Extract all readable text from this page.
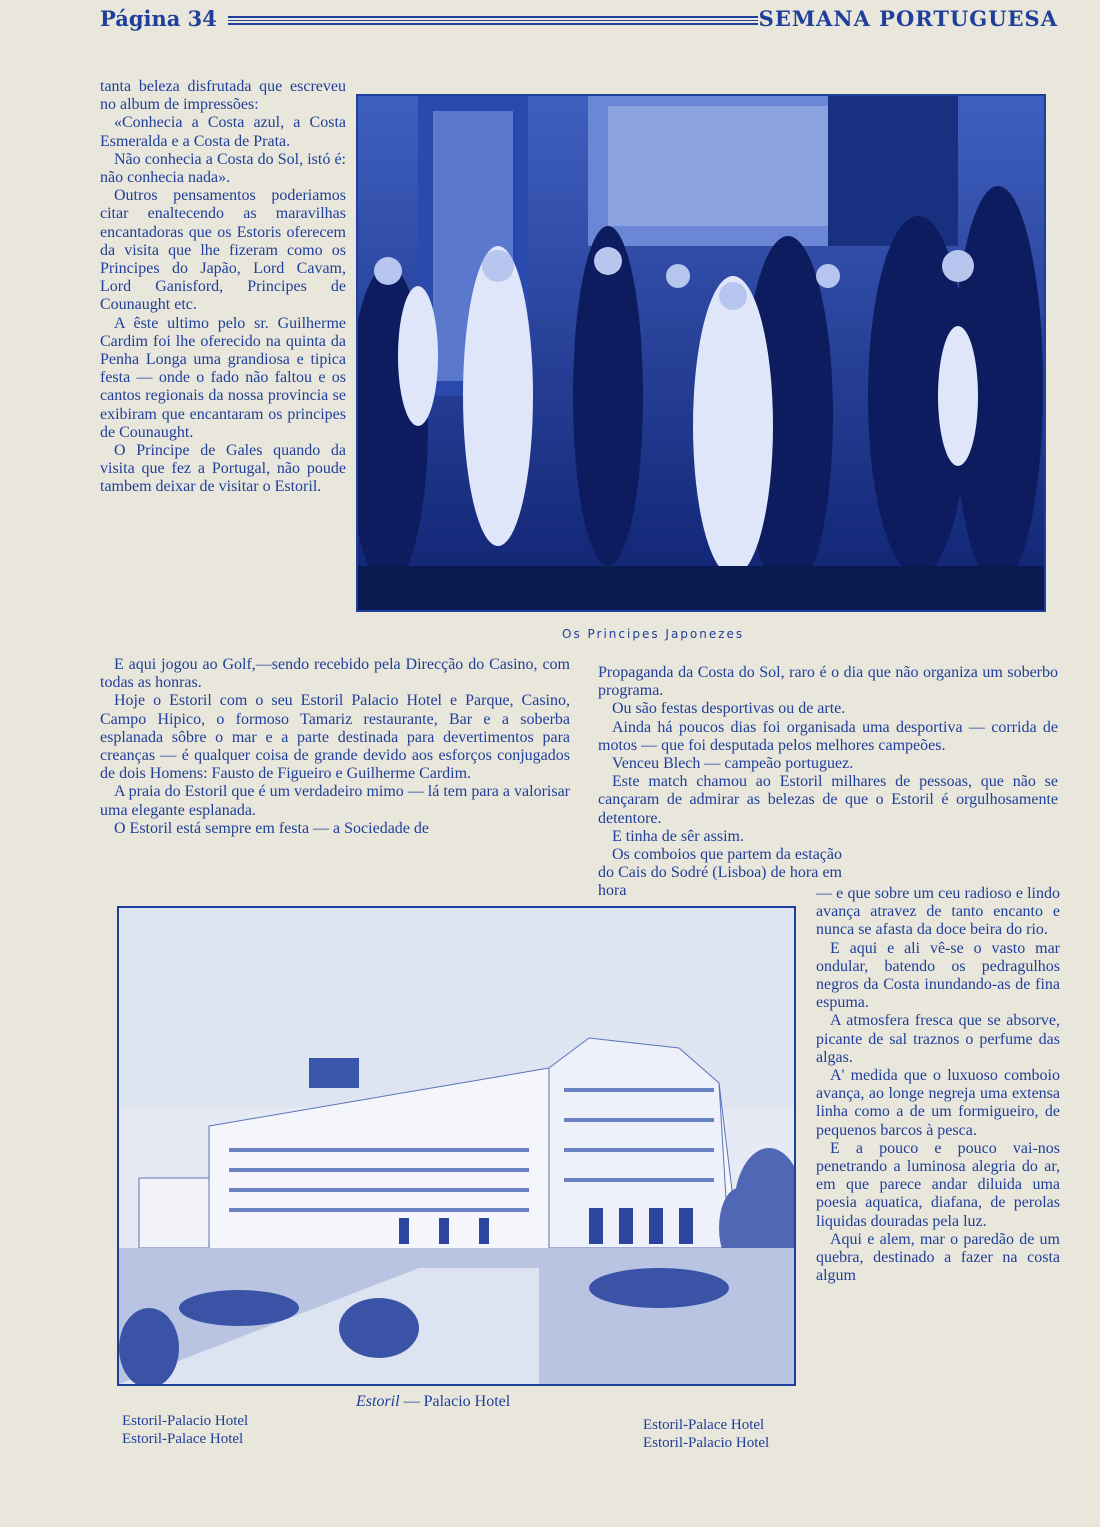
Página 34	SEMANA PORTUGUESA

tanta beleza disfrutada que escreveu no album de impressões:

«Conhecia a Costa azul, a Costa Esmeralda e a Costa de Prata.

Não conhecia a Costa do Sol, istó é: não conhecia nada».

Outros pensamentos poderiamos citar enaltecendo as maravilhas encantadoras que os Estoris oferecem da visita que lhe fizeram como os Principes do Japão, Lord Cavam, Lord Ganisford, Principes de Counaught etc.

A êste ultimo pelo sr. Guilherme Cardim foi lhe oferecido na quinta da Penha Longa uma grandiosa e tipica festa — onde o fado não faltou e os cantos regionais da nossa provincia se exibiram que encantaram os principes de Counaught.

O Principe de Gales quando da visita que fez a Portugal, não poude tambem deixar de visitar o Estoril.

Os Principes Japonezes

E aqui jogou ao Golf,—sendo recebido pela Direcção do Casino, com todas as honras.

Hoje o Estoril com o seu Estoril Palacio Hotel e Parque, Casino, Campo Hipico, o formoso Tamariz restaurante, Bar e a soberba esplanada sôbre o mar e a parte destinada para devertimentos para creanças — é qualquer coisa de grande devido aos esforços conjugados de dois Homens: Fausto de Figueiro e Guilherme Cardim.

A praia do Estoril que é um verdadeiro mimo — lá tem para a valorisar uma elegante esplanada.

O Estoril está sempre em festa — a Sociedade de

Propaganda da Costa do Sol, raro é o dia que não organiza um soberbo programa.

Ou são festas desportivas ou de arte.

Ainda há poucos dias foi organisada uma desportiva — corrida de motos — que foi desputada pelos melhores campeões.

Venceu Blech — campeão portuguez.

Este match chamou ao Estoril milhares de pessoas, que não se cançaram de admirar as belezas de que o Estoril é orgulhosamente detentore.

E tinha de sêr assim.

Os comboios que partem da estação do Cais do Sodré (Lisboa) de hora em hora

Estoril — Palacio Hotel
Estoril-Palacio Hotel
Estoril-Palace Hotel
Estoril-Palace Hotel
Estoril-Palacio Hotel

— e que sobre um ceu radioso e lindo avança atravez de tanto encanto e nunca se afasta da doce beira do rio.

E aqui e ali vê-se o vasto mar ondular, batendo os pedragulhos negros da Costa inundando-as de fina espuma.

A atmosfera fresca que se absorve, picante de sal traznos o perfume das algas.

A' medida que o luxuoso comboio avança, ao longe negreja uma extensa linha como a de um formigueiro, de pequenos barcos à pesca.

E a pouco e pouco vai-nos penetrando a luminosa alegria do ar, em que parece andar diluida uma poesia aquatica, diafana, de perolas liquidas douradas pela luz.

Aqui e alem, mar o paredão de um quebra, destinado a fazer na costa algum
